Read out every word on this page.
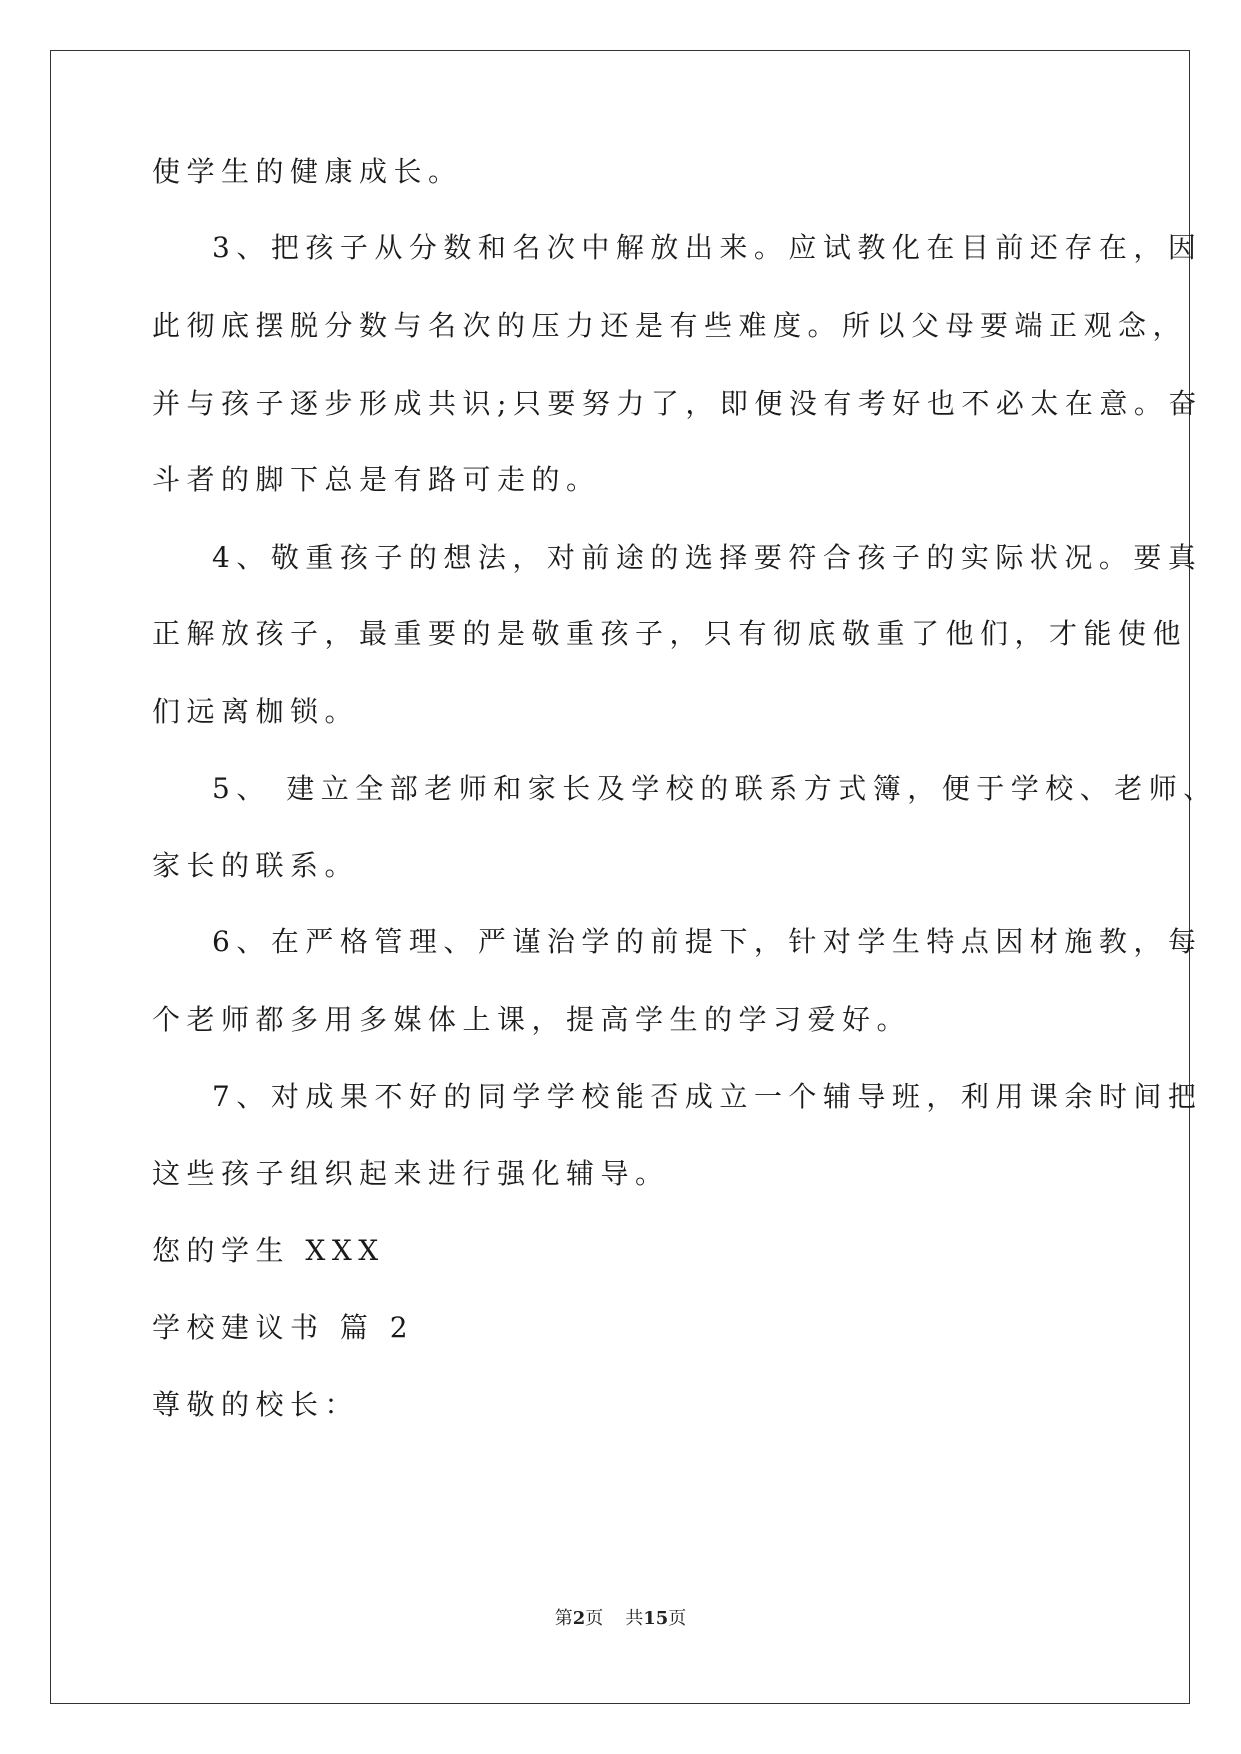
使学生的健康成长。
3、把孩子从分数和名次中解放出来。应试教化在目前还存在，因
此彻底摆脱分数与名次的压力还是有些难度。所以父母要端正观念，
并与孩子逐步形成共识;只要努力了，即便没有考好也不必太在意。奋
斗者的脚下总是有路可走的。
4、敬重孩子的想法，对前途的选择要符合孩子的实际状况。要真
正解放孩子，最重要的是敬重孩子，只有彻底敬重了他们，才能使他
们远离枷锁。
5、 建立全部老师和家长及学校的联系方式簿，便于学校、老师、
家长的联系。
6、在严格管理、严谨治学的前提下，针对学生特点因材施教，每
个老师都多用多媒体上课，提高学生的学习爱好。
7、对成果不好的同学学校能否成立一个辅导班，利用课余时间把
这些孩子组织起来进行强化辅导。
您的学生 XXX
学校建议书 篇 2
尊敬的校长：
第2页 共15页
